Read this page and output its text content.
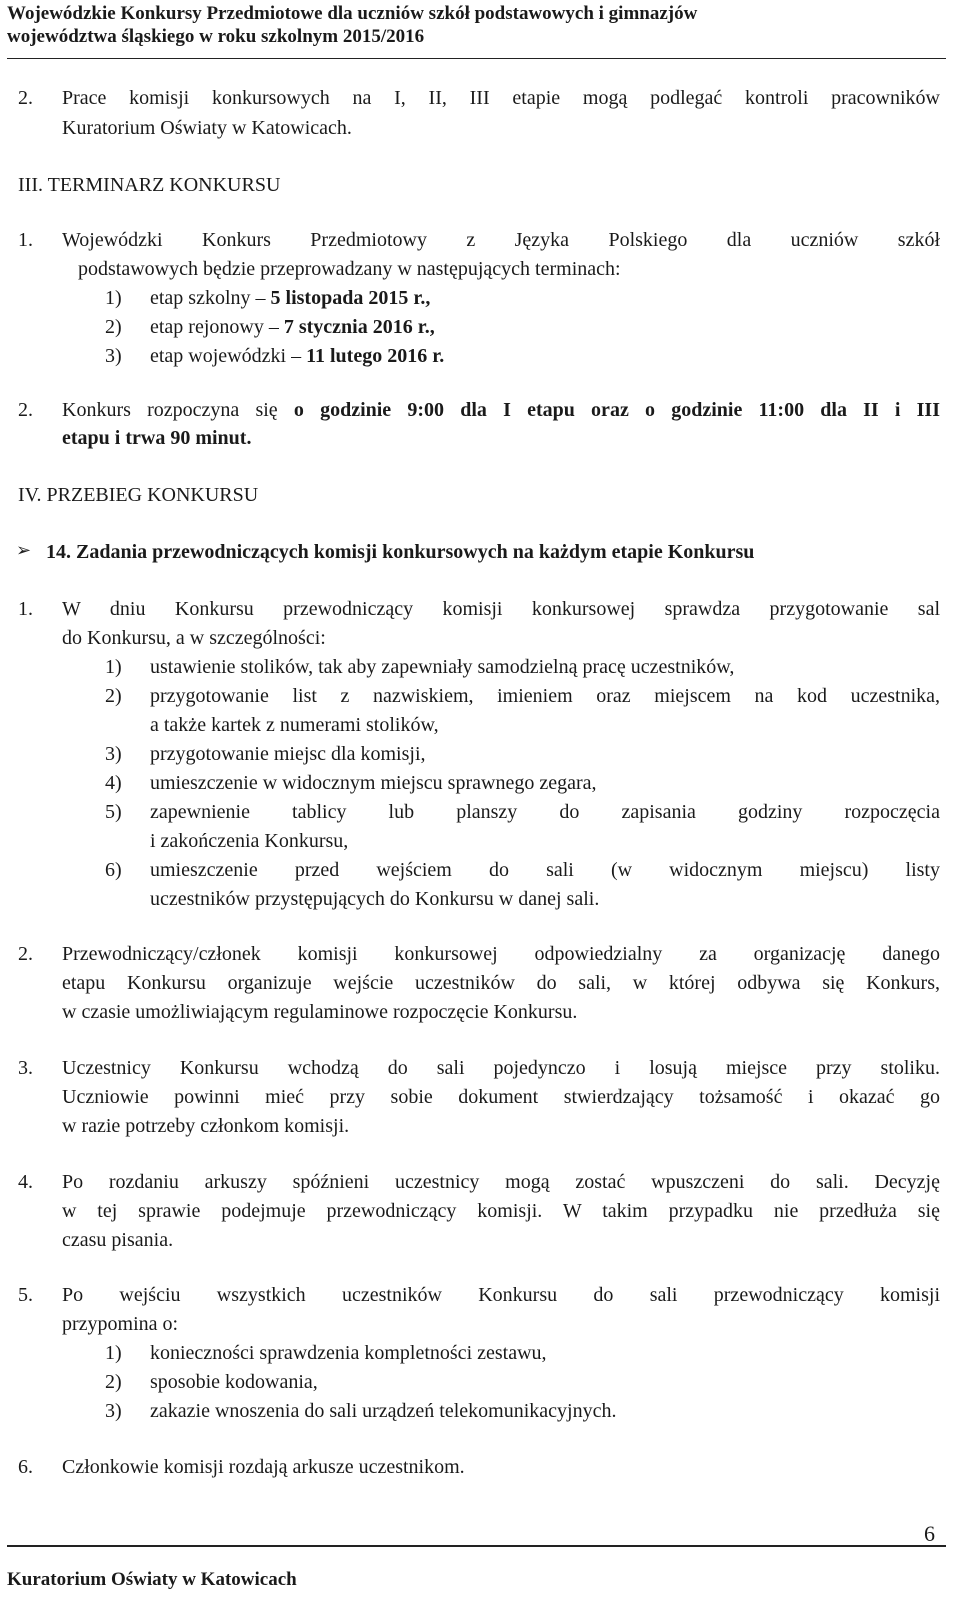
Wojewódzkie Konkursy Przedmiotowe dla uczniów szkół podstawowych i gimnazjów
województwa śląskiego w roku szkolnym 2015/2016
2. Prace komisji konkursowych na I, II, III etapie mogą podlegać kontroli pracowników
Kuratorium Oświaty w Katowicach.
III. TERMINARZ KONKURSU
1. Wojewódzki Konkurs Przedmiotowy z Języka Polskiego dla uczniów szkół
podstawowych będzie przeprowadzany w następujących terminach:
1) etap szkolny – 5 listopada 2015 r.,
2) etap rejonowy – 7 stycznia 2016 r.,
3) etap wojewódzki – 11 lutego 2016 r.
2. Konkurs rozpoczyna się o godzinie 9:00 dla I etapu oraz o godzinie 11:00 dla II i III
etapu i trwa 90 minut.
IV. PRZEBIEG KONKURSU
➢ 14. Zadania przewodniczących komisji konkursowych na każdym etapie Konkursu
1. W dniu Konkursu przewodniczący komisji konkursowej sprawdza przygotowanie sal
do Konkursu, a w szczególności:
1) ustawienie stolików, tak aby zapewniały samodzielną pracę uczestników,
2) przygotowanie list z nazwiskiem, imieniem oraz miejscem na kod uczestnika,
a także kartek z numerami stolików,
3) przygotowanie miejsc dla komisji,
4) umieszczenie w widocznym miejscu sprawnego zegara,
5) zapewnienie tablicy lub planszy do zapisania godziny rozpoczęcia
i zakończenia Konkursu,
6) umieszczenie przed wejściem do sali (w widocznym miejscu) listy
uczestników przystępujących do Konkursu w danej sali.
2. Przewodniczący/członek komisji konkursowej odpowiedzialny za organizację danego
etapu Konkursu organizuje wejście uczestników do sali, w której odbywa się Konkurs,
w czasie umożliwiającym regulaminowe rozpoczęcie Konkursu.
3. Uczestnicy Konkursu wchodzą do sali pojedynczo i losują miejsce przy stoliku.
Uczniowie powinni mieć przy sobie dokument stwierdzający tożsamość i okazać go
w razie potrzeby członkom komisji.
4. Po rozdaniu arkuszy spóźnieni uczestnicy mogą zostać wpuszczeni do sali. Decyzję
w tej sprawie podejmuje przewodniczący komisji. W takim przypadku nie przedłuża się
czasu pisania.
5. Po wejściu wszystkich uczestników Konkursu do sali przewodniczący komisji
przypomina o:
1) konieczności sprawdzenia kompletności zestawu,
2) sposobie kodowania,
3) zakazie wnoszenia do sali urządzeń telekomunikacyjnych.
6. Członkowie komisji rozdają arkusze uczestnikom.
6
Kuratorium Oświaty w Katowicach
